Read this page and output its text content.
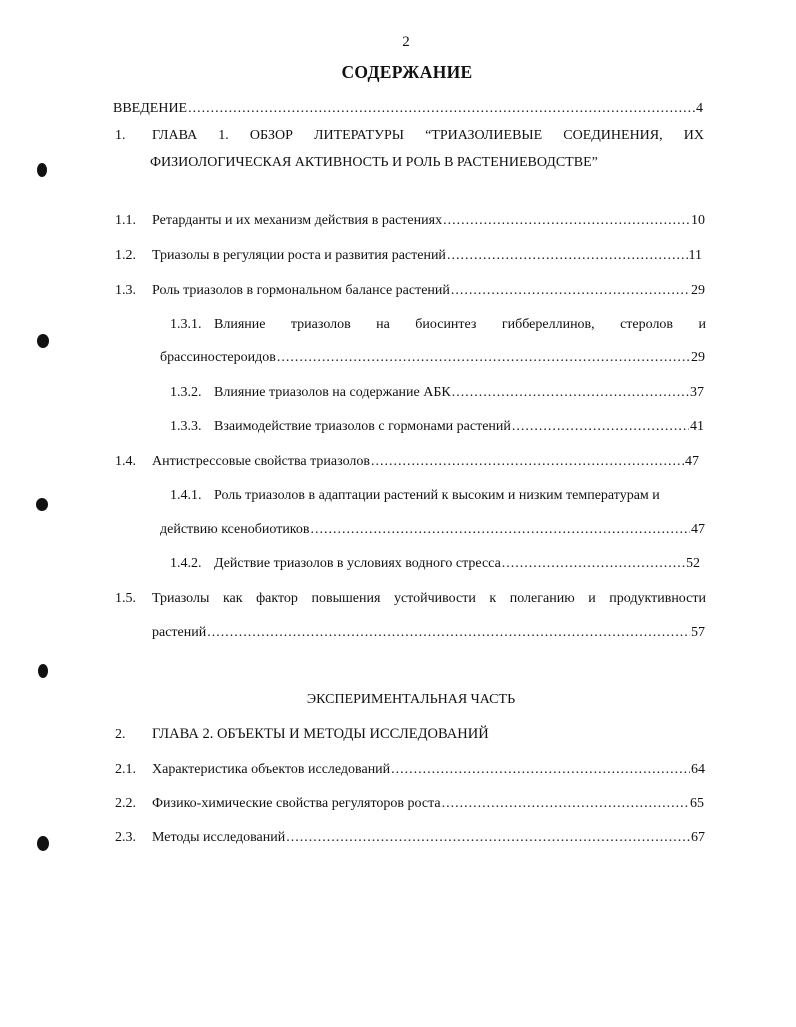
2
СОДЕРЖАНИЕ
ВВЕДЕНИЕ .....	4
1. ГЛАВА 1. ОБЗОР ЛИТЕРАТУРЫ “ТРИАЗОЛИЕВЫЕ СОЕДИНЕНИЯ, ИХ
ФИЗИОЛОГИЧЕСКАЯ АКТИВНОСТЬ И РОЛЬ В РАСТЕНИЕВОДСТВЕ”
1.1. Ретарданты и их механизм действия в растениях .....	10
1.2. Триазолы в регуляции роста и развития растений .....	11
1.3. Роль триазолов в гормональном балансе растений .....	29
1.3.1. Влияние триазолов на биосинтез гиббереллинов, стеролов и
брассиностероидов .....	29
1.3.2. Влияние триазолов на содержание АБК .....	37
1.3.3. Взаимодействие триазолов с гормонами растений .....	41
1.4. Антистрессовые свойства триазолов .....	47
1.4.1. Роль триазолов в адаптации растений к высоким и низким температурам и
действию ксенобиотиков .....	47
1.4.2. Действие триазолов в условиях водного стресса .....	52
1.5. Триазолы как фактор повышения устойчивости к полеганию и продуктивности
растений .....	57
ЭКСПЕРИМЕНТАЛЬНАЯ ЧАСТЬ
2. ГЛАВА 2. ОБЪЕКТЫ И МЕТОДЫ ИССЛЕДОВАНИЙ
2.1. Характеристика объектов исследований .....	64
2.2. Физико-химические свойства регуляторов роста .....	65
2.3. Методы исследований .....	67
